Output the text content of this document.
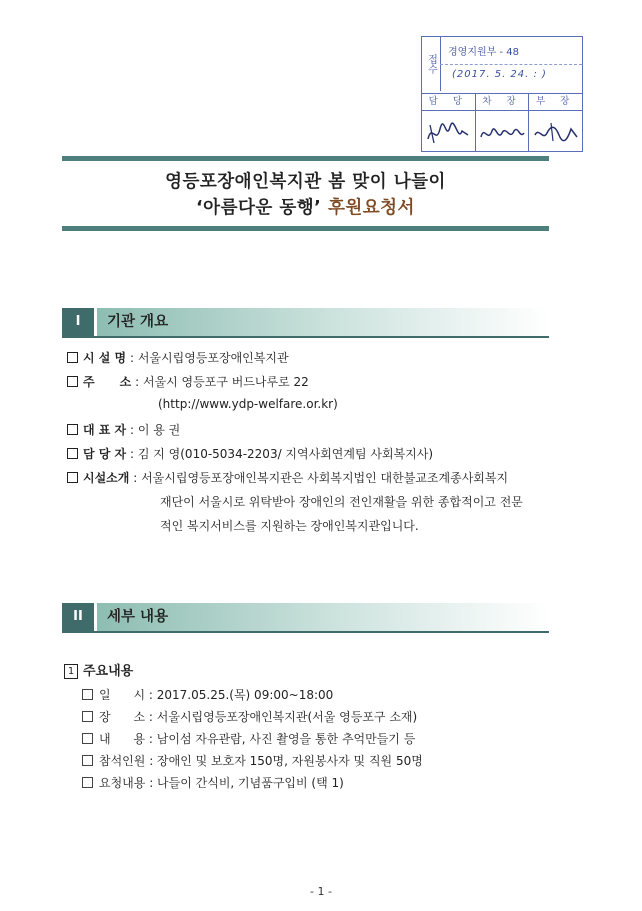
접수
경영지원부 - 48
(2017. 5. 24. : )
담 당	차 장	부 장
영등포장애인복지관 봄 맞이 나들이
‘아름다운 동행’ 후원요청서
I	기관 개요
시 설 명 : 서울시립영등포장애인복지관
주      소 : 서울시 영등포구 버드나루로 22
(http://www.ydp-welfare.or.kr)
대 표 자 : 이 용 권
담 당 자 : 김 지 영(010-5034-2203/ 지역사회연계팀 사회복지사)
시설소개 : 서울시립영등포장애인복지관은 사회복지법인 대한불교조계종사회복지
재단이 서울시로 위탁받아 장애인의 전인재활을 위한 종합적이고 전문
적인 복지서비스를 지원하는 장애인복지관입니다.
II	세부 내용
1 주요내용
일      시 : 2017.05.25.(목) 09:00~18:00
장      소 : 서울시립영등포장애인복지관(서울 영등포구 소재)
내      용 : 남이섬 자유관람, 사진 촬영을 통한 추억만들기 등
참석인원 : 장애인 및 보호자 150명, 자원봉사자 및 직원 50명
요청내용 : 나들이 간식비, 기념품구입비 (택 1)
- 1 -
